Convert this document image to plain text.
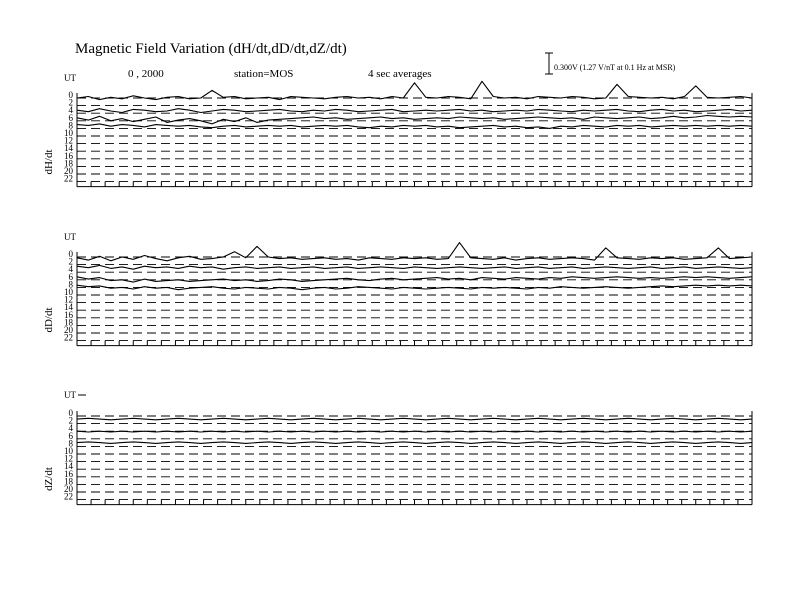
Magnetic Field Variation (dH/dt,dD/dt,dZ/dt)
0 , 2000	station=MOS	4 sec averages
0.300V (1.27 V/nT at 0.1 Hz at MSR)
UT
dH/dt
0
2
4
6
8
10
12
14
16
18
20
22
UT
dD/dt
0
2
4
6
8
10
12
14
16
18
20
22
UT
dZ/dt
0
2
4
6
8
10
12
14
16
18
20
22
